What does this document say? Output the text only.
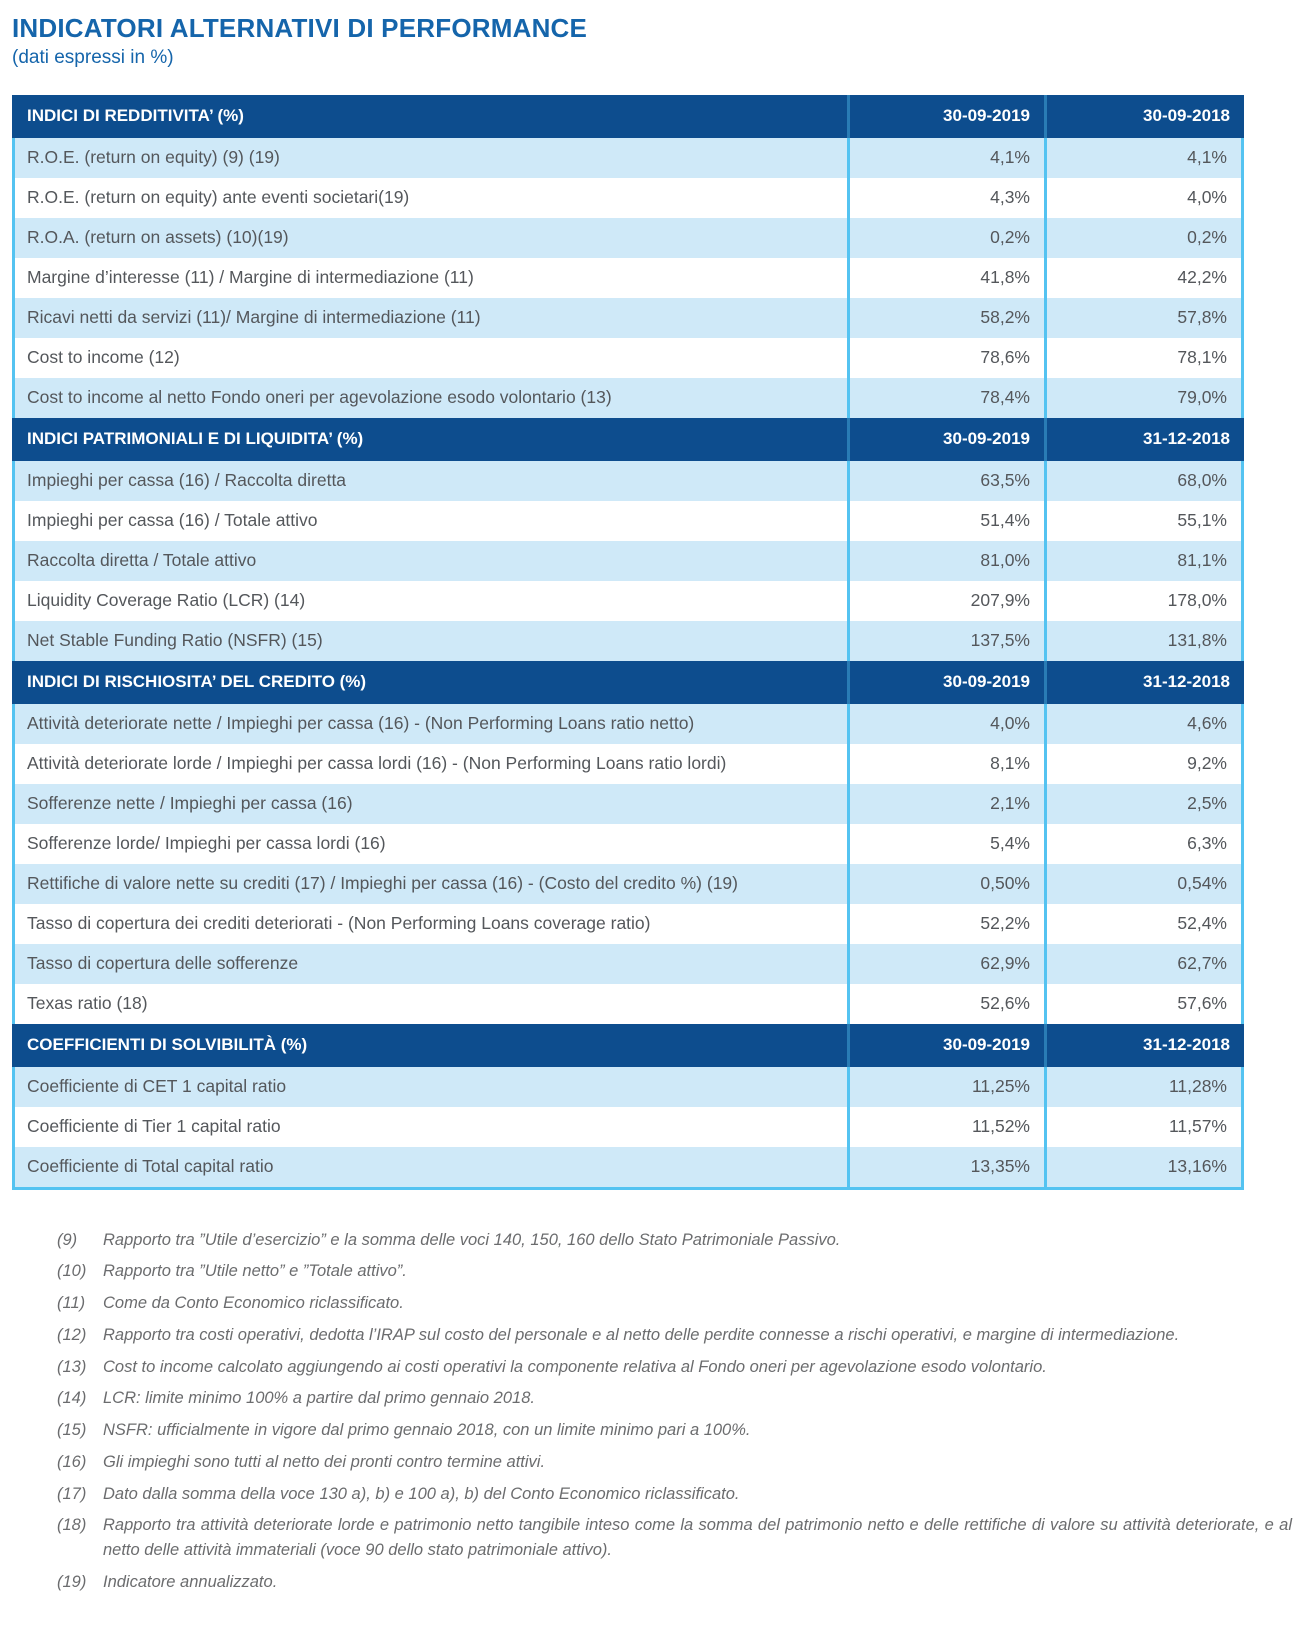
INDICATORI ALTERNATIVI DI PERFORMANCE

(dati espressi in %)

INDICI DI REDDITIVITA’ (%)	30-09-2019	30-09-2018
R.O.E. (return on equity) (9) (19)	4,1%	4,1%
R.O.E. (return on equity) ante eventi societari(19)	4,3%	4,0%
R.O.A. (return on assets) (10)(19)	0,2%	0,2%
Margine d’interesse (11) / Margine di intermediazione (11)	41,8%	42,2%
Ricavi netti da servizi (11)/ Margine di intermediazione (11)	58,2%	57,8%
Cost to income (12)	78,6%	78,1%
Cost to income al netto Fondo oneri per agevolazione esodo volontario (13)	78,4%	79,0%
INDICI PATRIMONIALI E DI LIQUIDITA’ (%)	30-09-2019	31-12-2018
Impieghi per cassa (16) / Raccolta diretta	63,5%	68,0%
Impieghi per cassa (16) / Totale attivo	51,4%	55,1%
Raccolta diretta / Totale attivo	81,0%	81,1%
Liquidity Coverage Ratio (LCR) (14)	207,9%	178,0%
Net Stable Funding Ratio (NSFR) (15)	137,5%	131,8%
INDICI DI RISCHIOSITA’ DEL CREDITO (%)	30-09-2019	31-12-2018
Attività deteriorate nette / Impieghi per cassa (16) - (Non Performing Loans ratio netto)	4,0%	4,6%
Attività deteriorate lorde / Impieghi per cassa lordi (16) - (Non Performing Loans ratio lordi)	8,1%	9,2%
Sofferenze nette / Impieghi per cassa (16)	2,1%	2,5%
Sofferenze lorde/ Impieghi per cassa lordi (16)	5,4%	6,3%
Rettifiche di valore nette su crediti (17) / Impieghi per cassa (16) - (Costo del credito %) (19)	0,50%	0,54%
Tasso di copertura dei crediti deteriorati - (Non Performing Loans coverage ratio)	52,2%	52,4%
Tasso di copertura delle sofferenze	62,9%	62,7%
Texas ratio (18)	52,6%	57,6%
COEFFICIENTI DI SOLVIBILITÀ (%)	30-09-2019	31-12-2018
Coefficiente di CET 1 capital ratio	11,25%	11,28%
Coefficiente di Tier 1 capital ratio	11,52%	11,57%
Coefficiente di Total capital ratio	13,35%	13,16%
(9)	Rapporto tra ”Utile d’esercizio” e la somma delle voci 140, 150, 160 dello Stato Patrimoniale Passivo.
(10)	Rapporto tra ”Utile netto” e ”Totale attivo”.
(11)	Come da Conto Economico riclassificato.
(12)	Rapporto tra costi operativi, dedotta l’IRAP sul costo del personale e al netto delle perdite connesse a rischi operativi, e margine di intermediazione.
(13)	Cost to income calcolato aggiungendo ai costi operativi la componente relativa al Fondo oneri per agevolazione esodo volontario.
(14)	LCR: limite minimo 100% a partire dal primo gennaio 2018.
(15)	NSFR: ufficialmente in vigore dal primo gennaio 2018, con un limite minimo pari a 100%.
(16)	Gli impieghi sono tutti al netto dei pronti contro termine attivi.
(17)	Dato dalla somma della voce 130 a), b) e 100 a), b) del Conto Economico riclassificato.
(18)	Rapporto tra attività deteriorate lorde e patrimonio netto tangibile inteso come la somma del patrimonio netto e delle rettifiche di valore su attività deteriorate, e al netto delle attività immateriali (voce 90 dello stato patrimoniale attivo).
(19)	Indicatore annualizzato.
